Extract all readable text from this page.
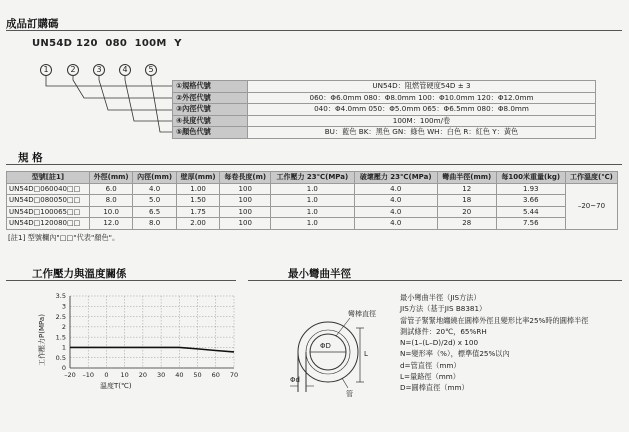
成品訂購碼
UN54D 120  080  100M  Y
1	2	3	4	5
①規格代號	UN54D：阻燃管硬度54D ± 3
②外徑代號	060：Φ6.0mm 080：Φ8.0mm 100：Φ10.0mm 120：Φ12.0mm
③內徑代號	040：Φ4.0mm 050：Φ5.0mm 065：Φ6.5mm 080：Φ8.0mm
④長度代號	100M：100m/卷
⑤顏色代號	BU：藍色 BK：黑色 GN：綠色 WH：白色 R：紅色 Y：黃色
規 格
型號[註1]	外徑(mm)	內徑(mm)	壁厚(mm)	每卷長度(m)	工作壓力 23℃(MPa)	破壞壓力 23℃(MPa)	彎曲半徑(mm)	每100米重量(kg)	工作溫度(℃)
UN54D□060040□□	6.0	4.0	1.00	100	1.0	4.0	12	1.93	–20~70
UN54D□080050□□	8.0	5.0	1.50	100	1.0	4.0	18	3.66	
UN54D□100065□□	10.0	6.5	1.75	100	1.0	4.0	20	5.44	
UN54D□120080□□	12.0	8.0	2.00	100	1.0	4.0	28	7.56	
[註1] 型號欄內"□□"代表"顏色"。
工作壓力與溫度關係
–20 –10 0 10 20 30 40 50 60 70
3.5
3
2.5
2
1.5
1
0.5
0
溫度T(℃)
工作壓力P(MPa)
最小彎曲半徑
彎棒直徑
ΦD
L
Φd
管
最小彎曲半徑（JIS方法）
JIS方法（基于JIS B8381）
當管子緊緊地纏繞在圓棒外徑且變形比率25%時的圓棒半徑
測試條件：20℃，65%RH
N=(1–(L–D)/2d) x 100
N=變形率（%），標準值25%以內
d=管直徑（mm）
L=量路徑（mm）
D=圓棒直徑（mm）
